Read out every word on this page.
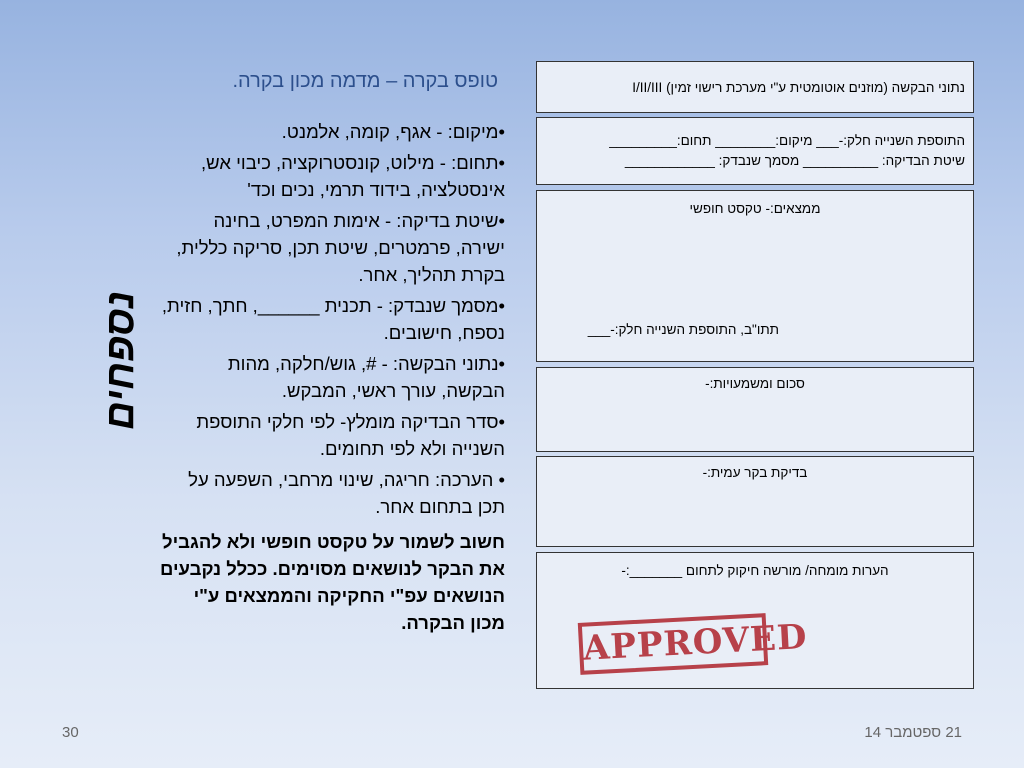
טופס בקרה – מדמה מכון בקרה.
נספחים

•מיקום: - אגף, קומה, אלמנט.

•תחום: - מילוט, קונסטרוקציה, כיבוי אש, אינסטלציה, בידוד תרמי, נכים וכד'

•שיטת בדיקה: - אימות המפרט, בחינה ישירה, פרמטרים, שיטת תכן, סריקה כללית, בקרת תהליך, אחר.

•מסמך שנבדק: - תכנית ______, חתך, חזית, נספח, חישובים.

•נתוני הבקשה: - #, גוש/חלקה, מהות הבקשה, עורך ראשי, המבקש.

•סדר הבדיקה מומלץ- לפי חלקי התוספת השנייה ולא לפי תחומים.

• הערכה: חריגה, שינוי מרחבי, השפעה על תכן בתחום אחר.

חשוב לשמור על טקסט חופשי ולא להגביל את הבקר לנושאים מסוימים. ככלל נקבעים הנושאים עפ"י החקיקה והממצאים ע"י מכון הבקרה.

נתוני הבקשה (מוזנים אוטומטית ע"י מערכת רישוי זמין) I/II/III

התוספת השנייה חלק:-___ מיקום:________ תחום:_________

שיטת הבדיקה: __________ מסמך שנבדק: ____________

ממצאים:- טקסט חופשי

תתו"ב, התוספת השנייה חלק:-___

סכום ומשמעויות:-

בדיקת בקר עמית:-

הערות מומחה/ מורשה חיקוק לתחום _______:-

APPROVED
21 ספטמבר 14
30
